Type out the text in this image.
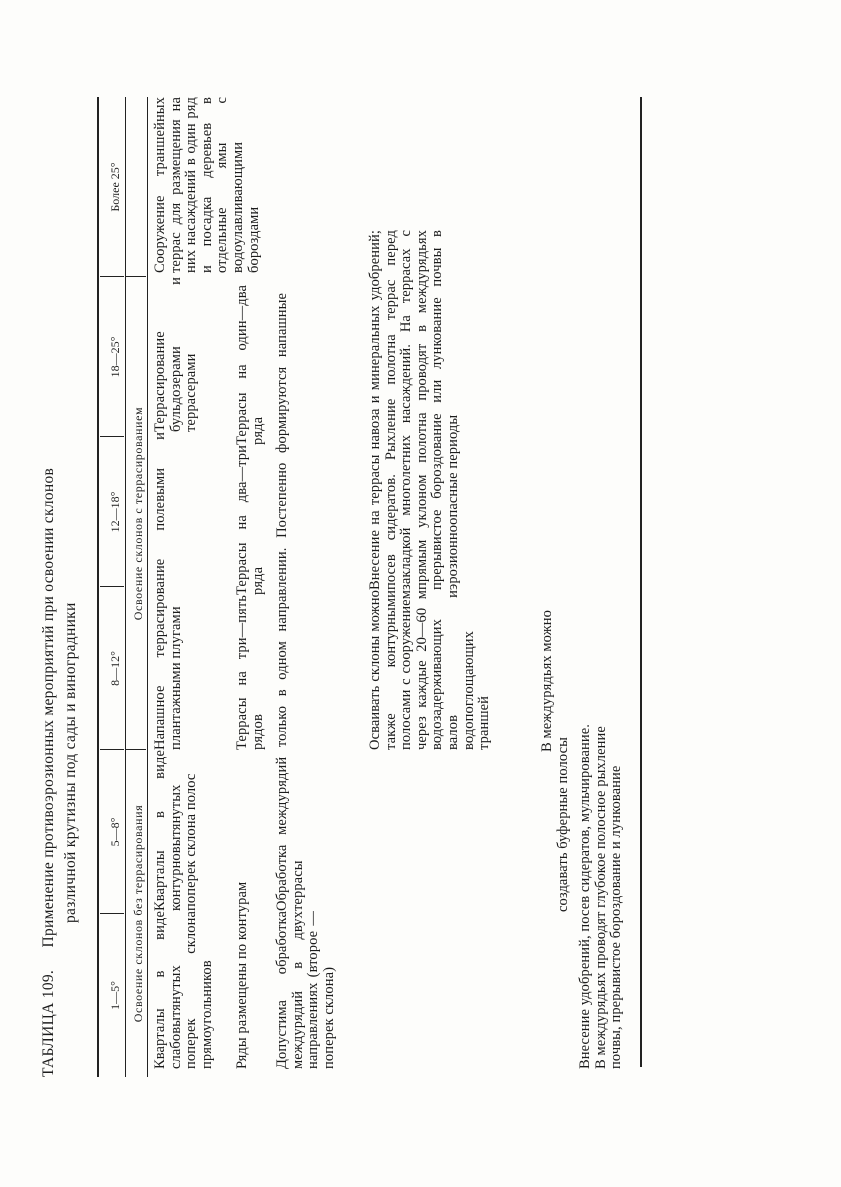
ТАБЛИЦА 109.  Применение противоэрозионных мероприятий при освоении склонов различной крутизны под сады и виноградники
1—5°
5—8°
8—12°
12—18°
18—25°
Более 25°
Освоение склонов без террасирования
Освоение склонов с террасированием
Кварталы в виде слабовытянутых поперек склона прямоугольников
Кварталы в виде контурновытянутых поперек склона полос
Напашное террасирование полевыми и плантажными плугами
Террасирование бульдозерами и террасерами
Сооружение траншейных террас для размещения на них насаждений в один ряд и посадка деревьев в отдельные ямы с водоулавливающими бороздами
Ряды размещены по контурам
Террасы на три—пять рядов
Террасы на два—три ряда
Террасы на один—два ряда
Допустима обработка междурядий в двух направлениях (второе — поперек склона)
Обработка междурядий только в одном направлении. Постепенно формируются напашные террасы
Осваивать склоны можно также контурными полосами с сооружением через каждые 20—60 м водозадерживающих валов и водопоглощающих траншей
Внесение на террасы навоза и минеральных удобрений; посев сидератов. Рыхление полотна террас перед закладкой многолетних насаждений. На террасах с прямым уклоном полотна проводят в междурядьях прерывистое бороздование или лункование почвы в эрозионноопасные периоды
В междурядьях можно создавать буферные полосы Внесение удобрений, посев сидератов, мульчирование. В междурядьях проводят глубокое полосное рыхление почвы, прерывистое бороздование и лункование
